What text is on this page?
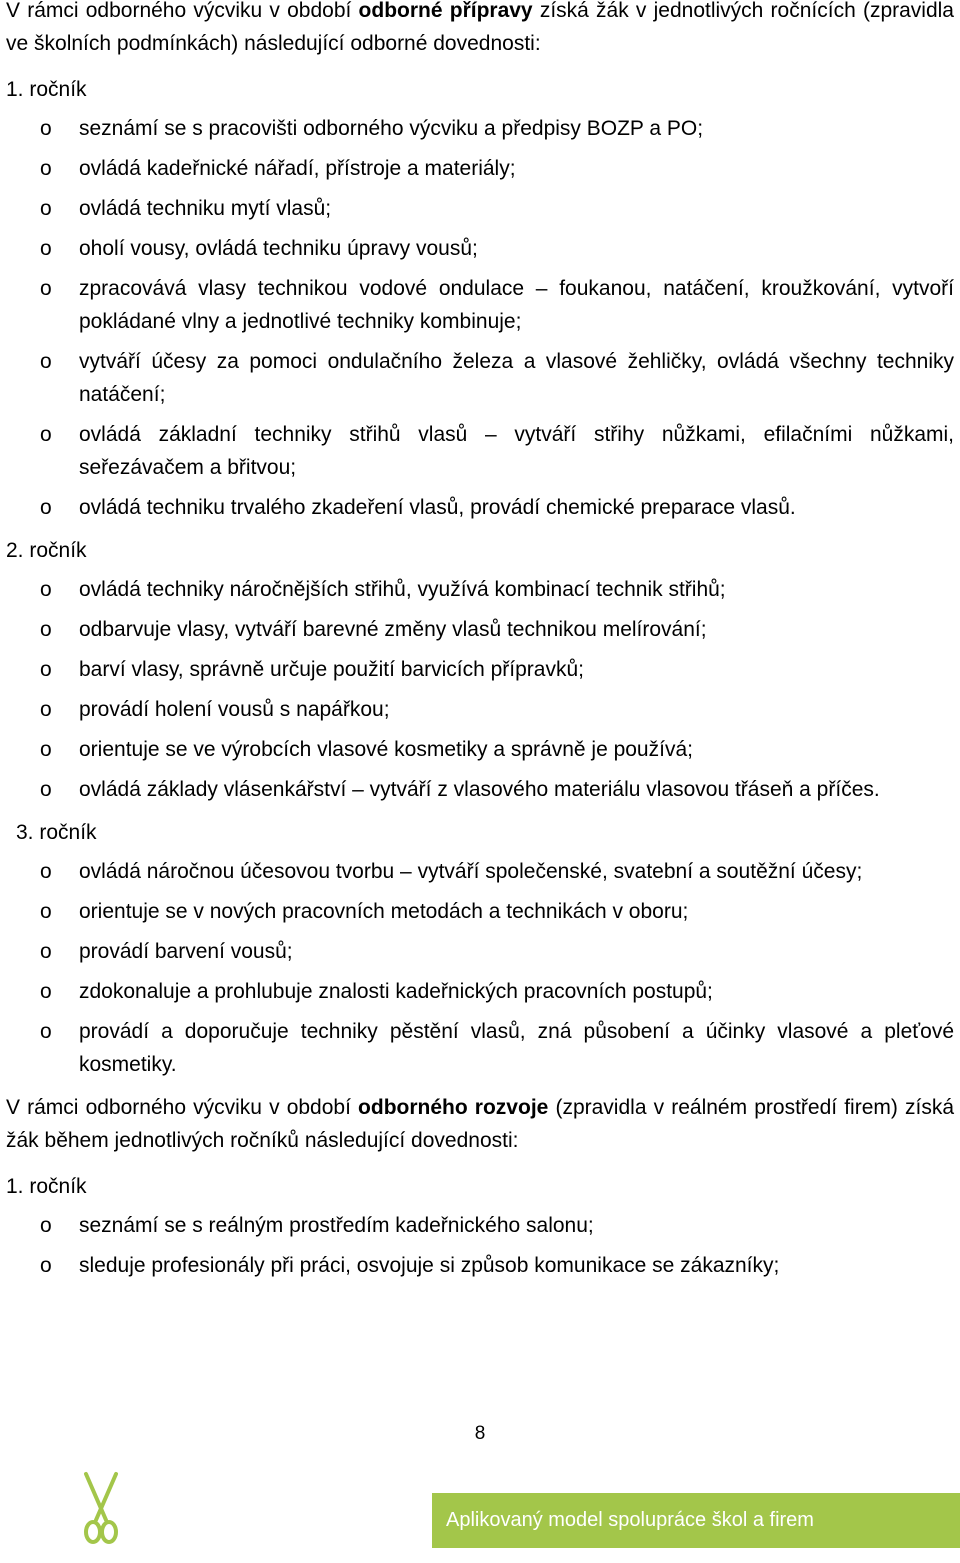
V rámci odborného výcviku v období odborné přípravy získá žák v jednotlivých ročnících (zpravidla ve školních podmínkách) následující odborné dovednosti:

1. ročník
o seznámí se s pracovišti odborného výcviku a předpisy BOZP a PO;
o ovládá kadeřnické nářadí, přístroje a materiály;
o ovládá techniku mytí vlasů;
o oholí vousy, ovládá techniku úpravy vousů;
o zpracovává vlasy technikou vodové ondulace – foukanou, natáčení, kroužkování, vytvoří pokládané vlny a jednotlivé techniky kombinuje;
o vytváří účesy za pomoci ondulačního železa a vlasové žehličky, ovládá všechny techniky natáčení;
o ovládá základní techniky střihů vlasů – vytváří střihy nůžkami, efilačními nůžkami, seřezávačem a břitvou;
o ovládá techniku trvalého zkadeření vlasů, provádí chemické preparace vlasů.
2. ročník
o ovládá techniky náročnějších střihů, využívá kombinací technik střihů;
o odbarvuje vlasy, vytváří barevné změny vlasů technikou melírování;
o barví vlasy, správně určuje použití barvicích přípravků;
o provádí holení vousů s napářkou;
o orientuje se ve výrobcích vlasové kosmetiky a správně je používá;
o ovládá základy vlásenkářství – vytváří z vlasového materiálu vlasovou třáseň a příčes.
3. ročník
o ovládá náročnou účesovou tvorbu – vytváří společenské, svatební a soutěžní účesy;
o orientuje se v nových pracovních metodách a technikách v oboru;
o provádí barvení vousů;
o zdokonaluje a prohlubuje znalosti kadeřnických pracovních postupů;
o provádí a doporučuje techniky pěstění vlasů, zná působení a účinky vlasové a pleťové kosmetiky.

V rámci odborného výcviku v období odborného rozvoje (zpravidla v reálném prostředí firem) získá žák během jednotlivých ročníků následující dovednosti:

1. ročník
o seznámí se s reálným prostředím kadeřnického salonu;
o sleduje profesionály při práci, osvojuje si způsob komunikace se zákazníky;
8
Aplikovaný model spolupráce škol a firem
